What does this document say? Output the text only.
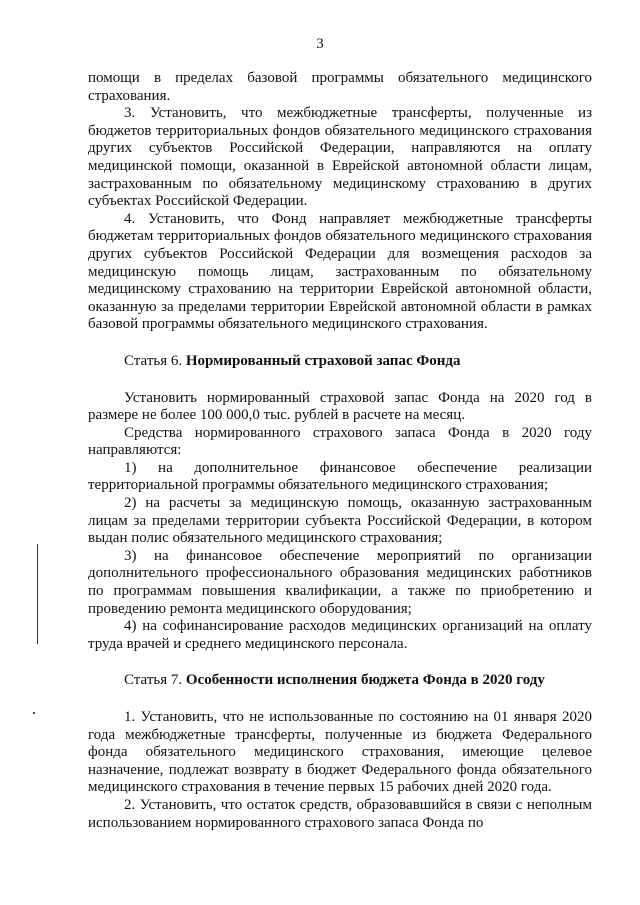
3

помощи в пределах базовой программы обязательного медицинского страхования.

3. Установить, что межбюджетные трансферты, полученные из бюджетов территориальных фондов обязательного медицинского страхования других субъектов Российской Федерации, направляются на оплату медицинской помощи, оказанной в Еврейской автономной области лицам, застрахованным по обязательному медицинскому страхованию в других субъектах Российской Федерации.

4. Установить, что Фонд направляет межбюджетные трансферты бюджетам территориальных фондов обязательного медицинского страхования других субъектов Российской Федерации для возмещения расходов за медицинскую помощь лицам, застрахованным по обязательному медицинскому страхованию на территории Еврейской автономной области, оказанную за пределами территории Еврейской автономной области в рамках базовой программы обязательного медицинского страхования.

Статья 6. Нормированный страховой запас Фонда

Установить нормированный страховой запас Фонда на 2020 год в размере не более 100 000,0 тыс. рублей в расчете на месяц.

Средства нормированного страхового запаса Фонда в 2020 году направляются:

1) на дополнительное финансовое обеспечение реализации территориальной программы обязательного медицинского страхования;

2) на расчеты за медицинскую помощь, оказанную застрахованным лицам за пределами территории субъекта Российской Федерации, в котором выдан полис обязательного медицинского страхования;

3) на финансовое обеспечение мероприятий по организации дополнительного профессионального образования медицинских работников по программам повышения квалификации, а также по приобретению и проведению ремонта медицинского оборудования;

4) на софинансирование расходов медицинских организаций на оплату труда врачей и среднего медицинского персонала.

Статья 7. Особенности исполнения бюджета Фонда в 2020 году

1. Установить, что не использованные по состоянию на 01 января 2020 года межбюджетные трансферты, полученные из бюджета Федерального фонда обязательного медицинского страхования, имеющие целевое назначение, подлежат возврату в бюджет Федерального фонда обязательного медицинского страхования в течение первых 15 рабочих дней 2020 года.

2. Установить, что остаток средств, образовавшийся в связи с неполным использованием нормированного страхового запаса Фонда по
